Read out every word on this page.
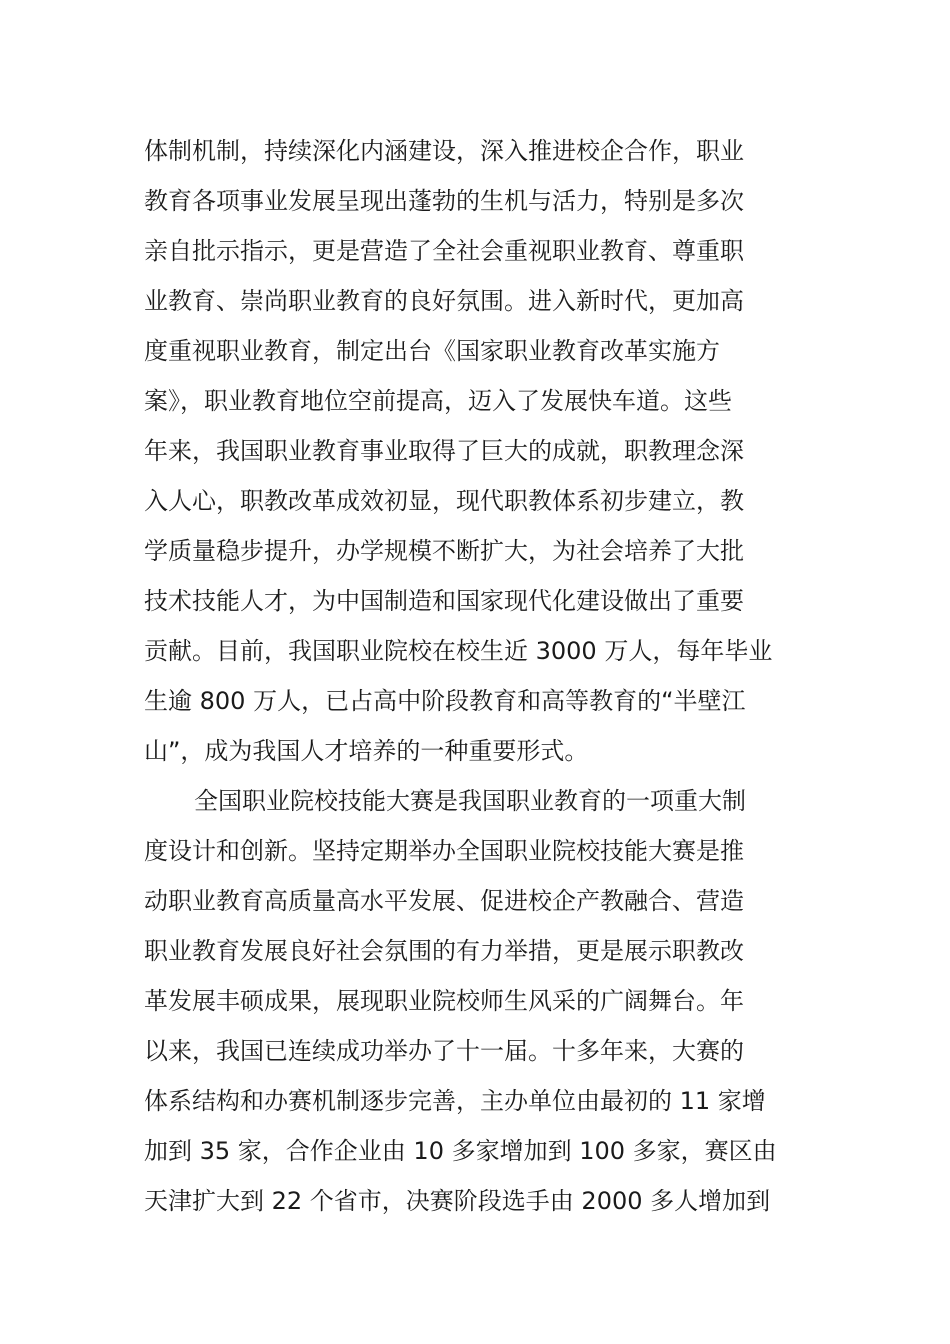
体制机制，持续深化内涵建设，深入推进校企合作，职业
教育各项事业发展呈现出蓬勃的生机与活力，特别是多次
亲自批示指示，更是营造了全社会重视职业教育、尊重职
业教育、崇尚职业教育的良好氛围。进入新时代，更加高
度重视职业教育，制定出台《国家职业教育改革实施方
案》，职业教育地位空前提高，迈入了发展快车道。这些
年来，我国职业教育事业取得了巨大的成就，职教理念深
入人心，职教改革成效初显，现代职教体系初步建立，教
学质量稳步提升，办学规模不断扩大，为社会培养了大批
技术技能人才，为中国制造和国家现代化建设做出了重要
贡献。目前，我国职业院校在校生近 3000 万人，每年毕业
生逾 800 万人，已占高中阶段教育和高等教育的“半壁江
山”，成为我国人才培养的一种重要形式。
全国职业院校技能大赛是我国职业教育的一项重大制
度设计和创新。坚持定期举办全国职业院校技能大赛是推
动职业教育高质量高水平发展、促进校企产教融合、营造
职业教育发展良好社会氛围的有力举措，更是展示职教改
革发展丰硕成果，展现职业院校师生风采的广阔舞台。年
以来，我国已连续成功举办了十一届。十多年来，大赛的
体系结构和办赛机制逐步完善，主办单位由最初的 11 家增
加到 35 家，合作企业由 10 多家增加到 100 多家，赛区由
天津扩大到 22 个省市，决赛阶段选手由 2000 多人增加到
